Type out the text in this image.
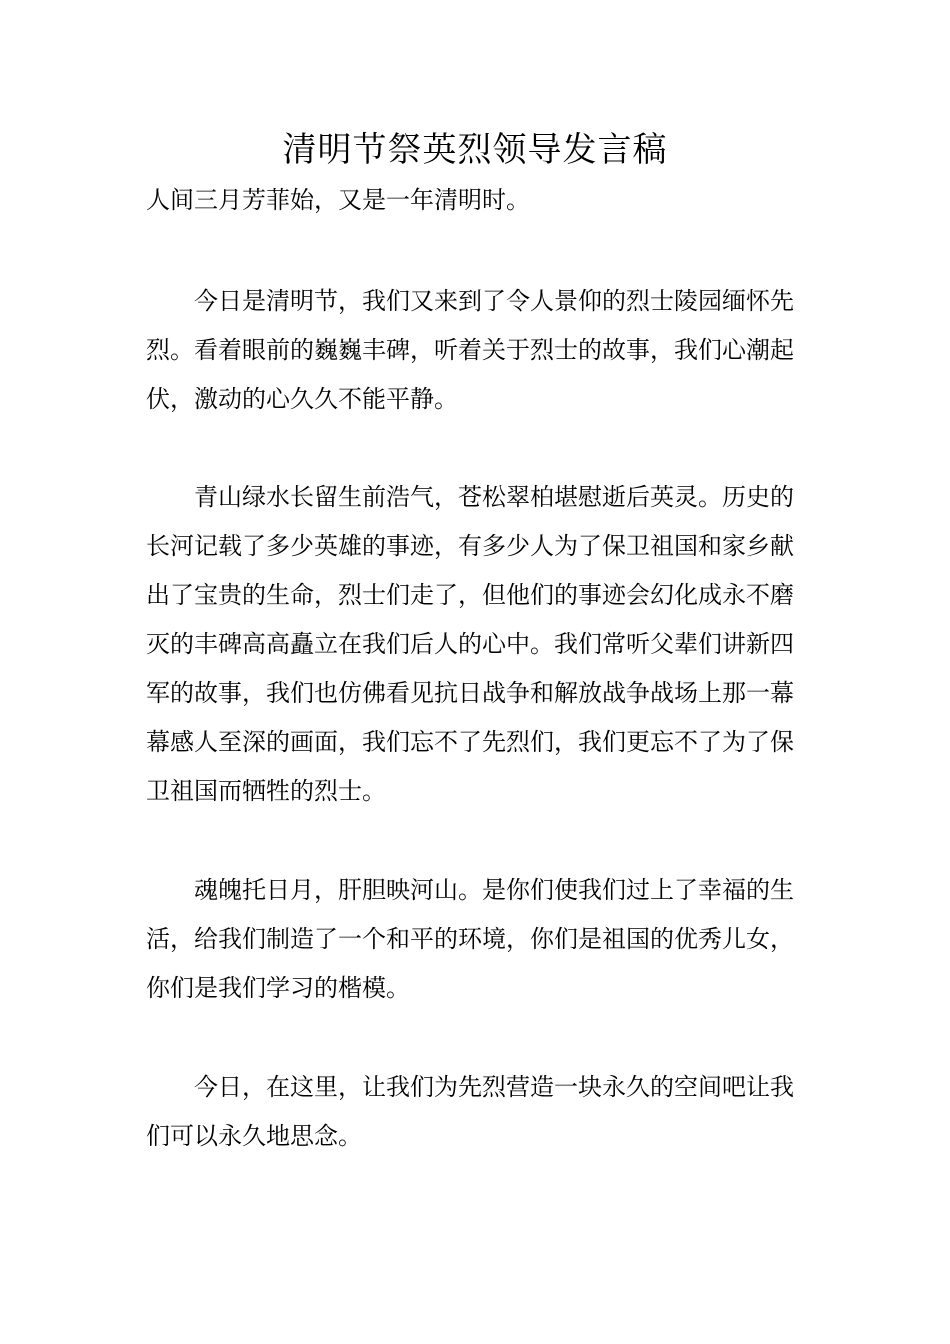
清明节祭英烈领导发言稿

人间三月芳菲始，又是一年清明时。

今日是清明节，我们又来到了令人景仰的烈士陵园缅怀先烈。看着眼前的巍巍丰碑，听着关于烈士的故事，我们心潮起伏，激动的心久久不能平静。

青山绿水长留生前浩气，苍松翠柏堪慰逝后英灵。历史的长河记载了多少英雄的事迹，有多少人为了保卫祖国和家乡献出了宝贵的生命，烈士们走了，但他们的事迹会幻化成永不磨灭的丰碑高高矗立在我们后人的心中。我们常听父辈们讲新四军的故事，我们也仿佛看见抗日战争和解放战争战场上那一幕幕感人至深的画面，我们忘不了先烈们，我们更忘不了为了保卫祖国而牺牲的烈士。

魂魄托日月，肝胆映河山。是你们使我们过上了幸福的生活，给我们制造了一个和平的环境，你们是祖国的优秀儿女，你们是我们学习的楷模。

今日，在这里，让我们为先烈营造一块永久的空间吧让我们可以永久地思念。
